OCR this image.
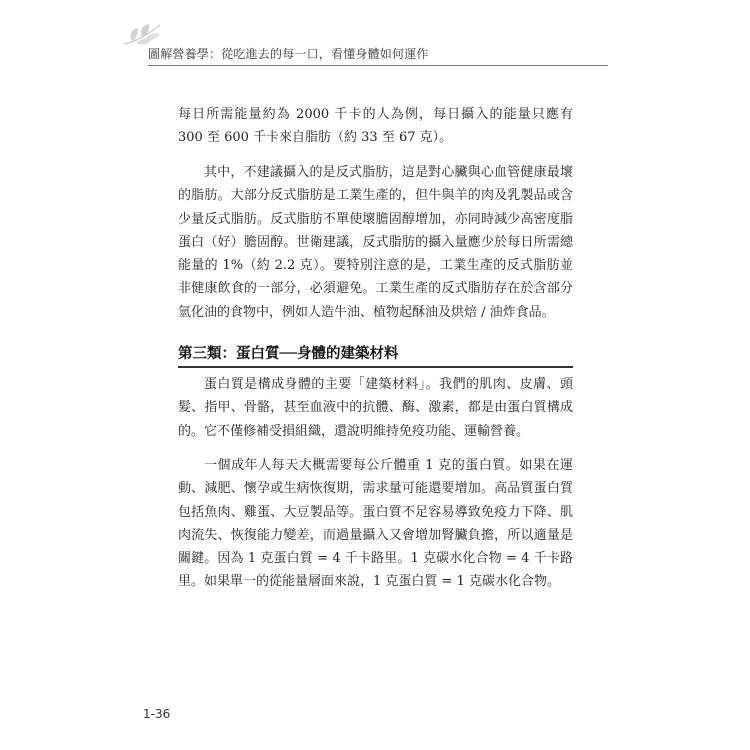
圖解營養學：從吃進去的每一口，看懂身體如何運作

每日所需能量約為 2000 千卡的人為例，每日攝入的能量只應有 300 至 600 千卡來自脂肪（約 33 至 67 克）。

其中，不建議攝入的是反式脂肪，這是對心臟與心血管健康最壞的脂肪。大部分反式脂肪是工業生產的，但牛與羊的肉及乳製品或含少量反式脂肪。反式脂肪不單使壞膽固醇增加，亦同時減少高密度脂蛋白（好）膽固醇。世衛建議，反式脂肪的攝入量應少於每日所需總能量的 1%（約 2.2 克）。要特別注意的是，工業生產的反式脂肪並非健康飲食的一部分，必須避免。工業生產的反式脂肪存在於含部分氫化油的食物中，例如人造牛油、植物起酥油及烘焙 / 油炸食品。

第三類：蛋白質──身體的建築材料

蛋白質是構成身體的主要「建築材料」。我們的肌肉、皮膚、頭髮、指甲、骨骼，甚至血液中的抗體、酶、激素，都是由蛋白質構成的。它不僅修補受損組織，還說明維持免疫功能、運輸營養。

一個成年人每天大概需要每公斤體重 1 克的蛋白質。如果在運動、減肥、懷孕或生病恢復期，需求量可能還要增加。高品質蛋白質包括魚肉、雞蛋、大豆製品等。蛋白質不足容易導致免疫力下降、肌肉流失、恢復能力變差，而過量攝入又會增加腎臟負擔，所以適量是關鍵。因為 1 克蛋白質 = 4 千卡路里。1 克碳水化合物 = 4 千卡路里。如果單一的從能量層面來說，1 克蛋白質 = 1 克碳水化合物。

1-36
